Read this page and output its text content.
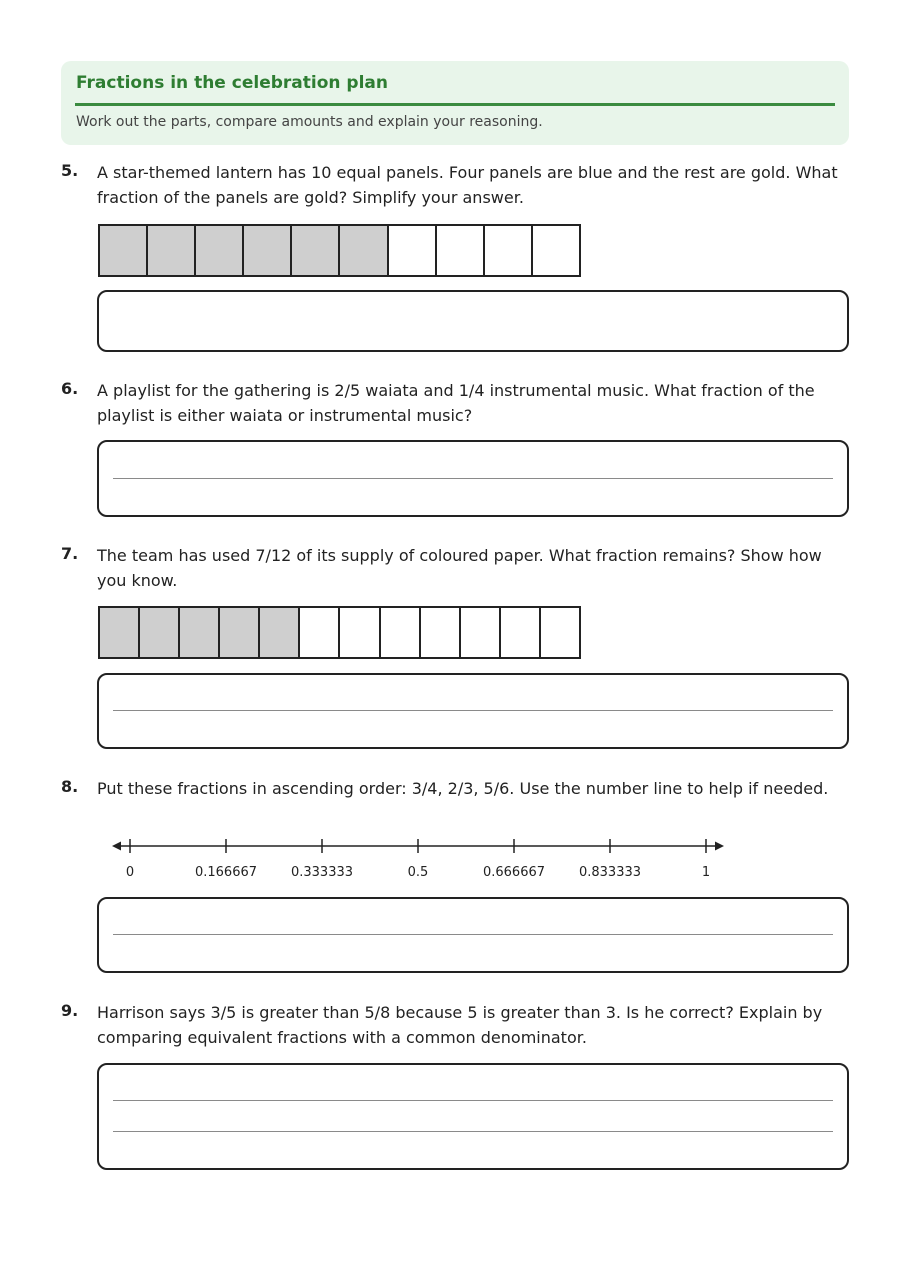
Fractions in the celebration plan
Work out the parts, compare amounts and explain your reasoning.
5. A star-themed lantern has 10 equal panels. Four panels are blue and the rest are gold. What fraction of the panels are gold? Simplify your answer.
6. A playlist for the gathering is 2/5 waiata and 1/4 instrumental music. What fraction of the playlist is either waiata or instrumental music?
7. The team has used 7/12 of its supply of coloured paper. What fraction remains? Show how you know.
8. Put these fractions in ascending order: 3/4, 2/3, 5/6. Use the number line to help if needed.
0	0.166667	0.333333	0.5	0.666667	0.833333	1
9. Harrison says 3/5 is greater than 5/8 because 5 is greater than 3. Is he correct? Explain by comparing equivalent fractions with a common denominator.
